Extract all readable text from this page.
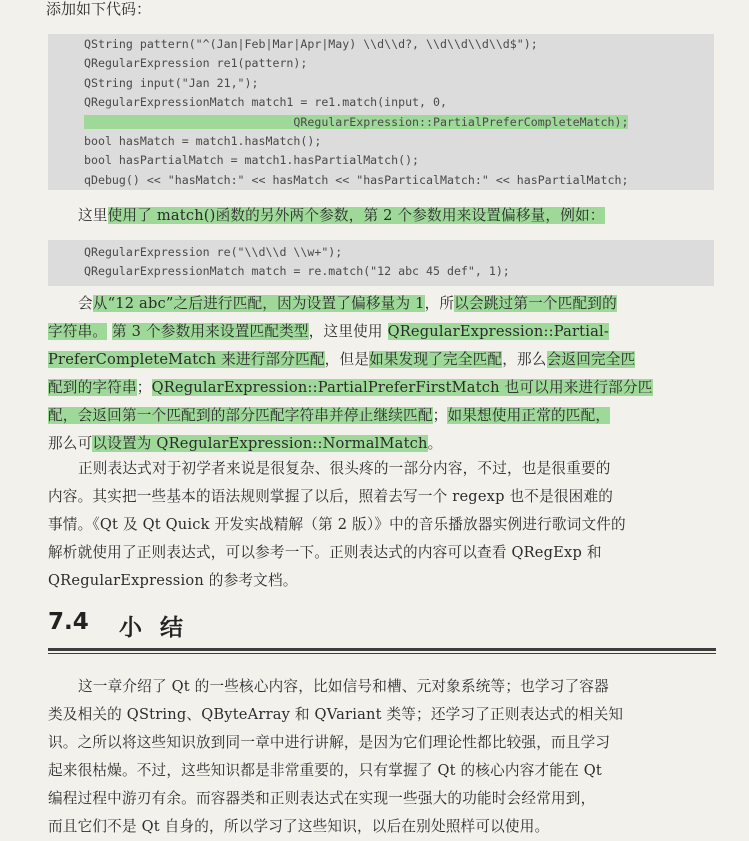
添加如下代码：
QString pattern("^(Jan|Feb|Mar|Apr|May) \\d\\d?, \\d\\d\\d\\d$");
QRegularExpression re1(pattern);
QString input("Jan 21,");
QRegularExpressionMatch match1 = re1.match(input, 0,
QRegularExpression::PartialPreferCompleteMatch);
bool hasMatch = match1.hasMatch();
bool hasPartialMatch = match1.hasPartialMatch();
qDebug() << "hasMatch:" << hasMatch << "hasParticalMatch:" << hasPartialMatch;
这里使用了 match()函数的另外两个参数，第 2 个参数用来设置偏移量，例如：
QRegularExpression re("\\d\\d \\w+");
QRegularExpressionMatch match = re.match("12 abc 45 def", 1);
会从“12 abc”之后进行匹配，因为设置了偏移量为 1，所以会跳过第一个匹配到的
字符串。 第 3 个参数用来设置匹配类型，这里使用 QRegularExpression::Partial-
PreferCompleteMatch 来进行部分匹配，但是如果发现了完全匹配，那么会返回完全匹
配到的字符串；QRegularExpression::PartialPreferFirstMatch 也可以用来进行部分匹
配，会返回第一个匹配到的部分匹配字符串并停止继续匹配；如果想使用正常的匹配，
那么可以设置为 QRegularExpression::NormalMatch。
正则表达式对于初学者来说是很复杂、很头疼的一部分内容，不过，也是很重要的
内容。其实把一些基本的语法规则掌握了以后，照着去写一个 regexp 也不是很困难的
事情。《Qt 及 Qt Quick 开发实战精解（第 2 版）》中的音乐播放器实例进行歌词文件的
解析就使用了正则表达式，可以参考一下。正则表达式的内容可以查看 QRegExp 和
QRegularExpression 的参考文档。
7.4 小结
这一章介绍了 Qt 的一些核心内容，比如信号和槽、元对象系统等；也学习了容器
类及相关的 QString、QByteArray 和 QVariant 类等；还学习了正则表达式的相关知
识。之所以将这些知识放到同一章中进行讲解，是因为它们理论性都比较强，而且学习
起来很枯燥。不过，这些知识都是非常重要的，只有掌握了 Qt 的核心内容才能在 Qt
编程过程中游刃有余。而容器类和正则表达式在实现一些强大的功能时会经常用到，
而且它们不是 Qt 自身的，所以学习了这些知识，以后在别处照样可以使用。
